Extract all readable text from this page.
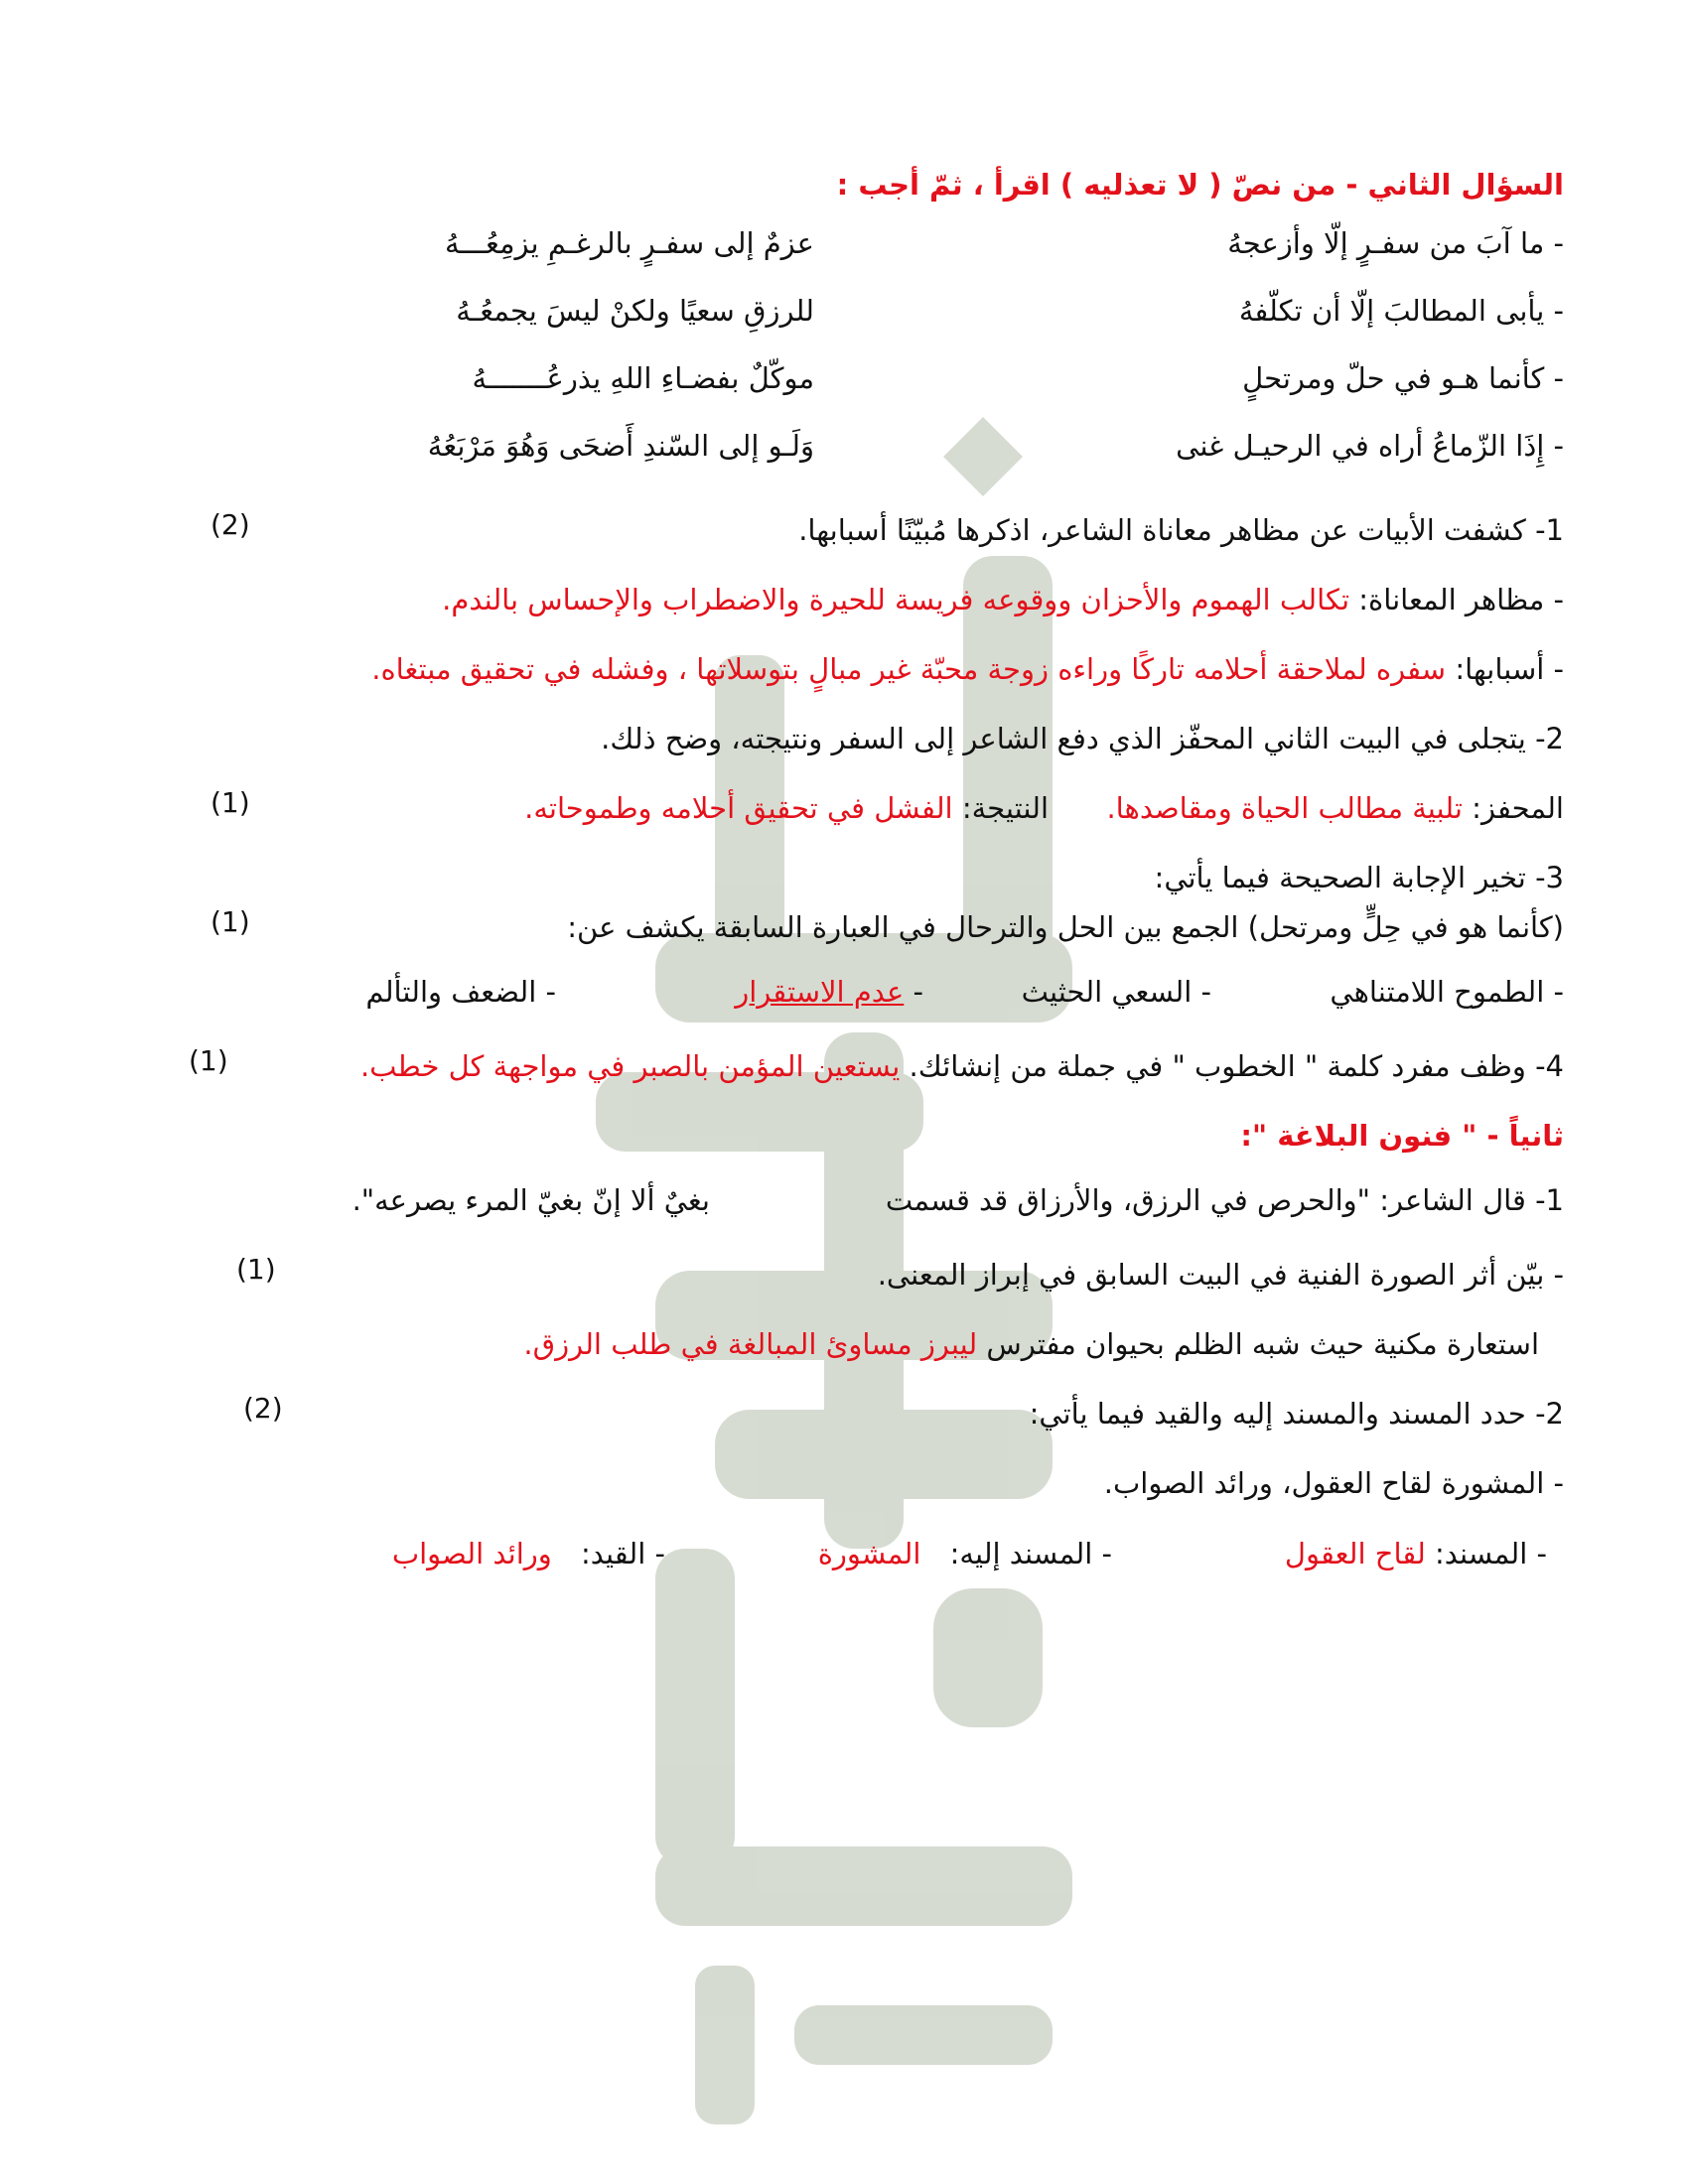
السؤال الثاني - من نصّ ( لا تعذليه ) اقرأ ، ثمّ أجب :
- ما آبَ من سفـرٍ إلّا وأزعجهُ
عزمٌ إلى سفـرٍ بالرغـمِ يزمِعُـــهُ
- يأبى المطالبَ إلّا أن تكلّفهُ
للرزقِ سعيًا ولكنْ ليسَ يجمعُـهُ
- كأنما هـو في حلّ ومرتحلٍ
موكّلٌ بفضـاءِ اللهِ يذرعُـــــــهُ
- إِذَا الزّماعُ أراه في الرحيـل غنى
وَلَـو إلى السّندِ أَضحَى وَهُوَ مَرْبَعُهُ
1- كشفت الأبيات عن مظاهر معاناة الشاعر، اذكرها مُبيّنًا أسبابها.
(2)
- مظاهر المعاناة: تكالب الهموم والأحزان ووقوعه فريسة للحيرة والاضطراب والإحساس بالندم.
- أسبابها: سفره لملاحقة أحلامه تاركًا وراءه زوجة محبّة غير مبالٍ بتوسلاتها ، وفشله في تحقيق مبتغاه.
2- يتجلى في البيت الثاني المحفّز الذي دفع الشاعر إلى السفر ونتيجته، وضح ذلك.
المحفز: تلبية مطالب الحياة ومقاصدها.  النتيجة: الفشل في تحقيق أحلامه وطموحاته.
(1)
3- تخير الإجابة الصحيحة فيما يأتي:
(كأنما هو في حِلٍّ ومرتحل) الجمع بين الحل والترحال في العبارة السابقة يكشف عن:
(1)
- الطموح اللامتناهي
- السعي الحثيث
- عدم الاستقرار
- الضعف والتألم
4- وظف مفرد كلمة " الخطوب " في جملة من إنشائك. يستعين المؤمن بالصبر في مواجهة كل خطب.
(1)
ثانياً - " فنون البلاغة ":
1- قال الشاعر: "والحرص في الرزق، والأرزاق قد قسمت
بغيٌ ألا إنّ بغيّ المرء يصرعه".
- بيّن أثر الصورة الفنية في البيت السابق في إبراز المعنى.
(1)
استعارة مكنية حيث شبه الظلم بحيوان مفترس ليبرز مساوئ المبالغة في طلب الرزق.
2- حدد المسند والمسند إليه والقيد فيما يأتي:
(2)
- المشورة لقاح العقول، ورائد الصواب.
- المسند: لقاح العقول
- المسند إليه: المشورة
- القيد: ورائد الصواب
